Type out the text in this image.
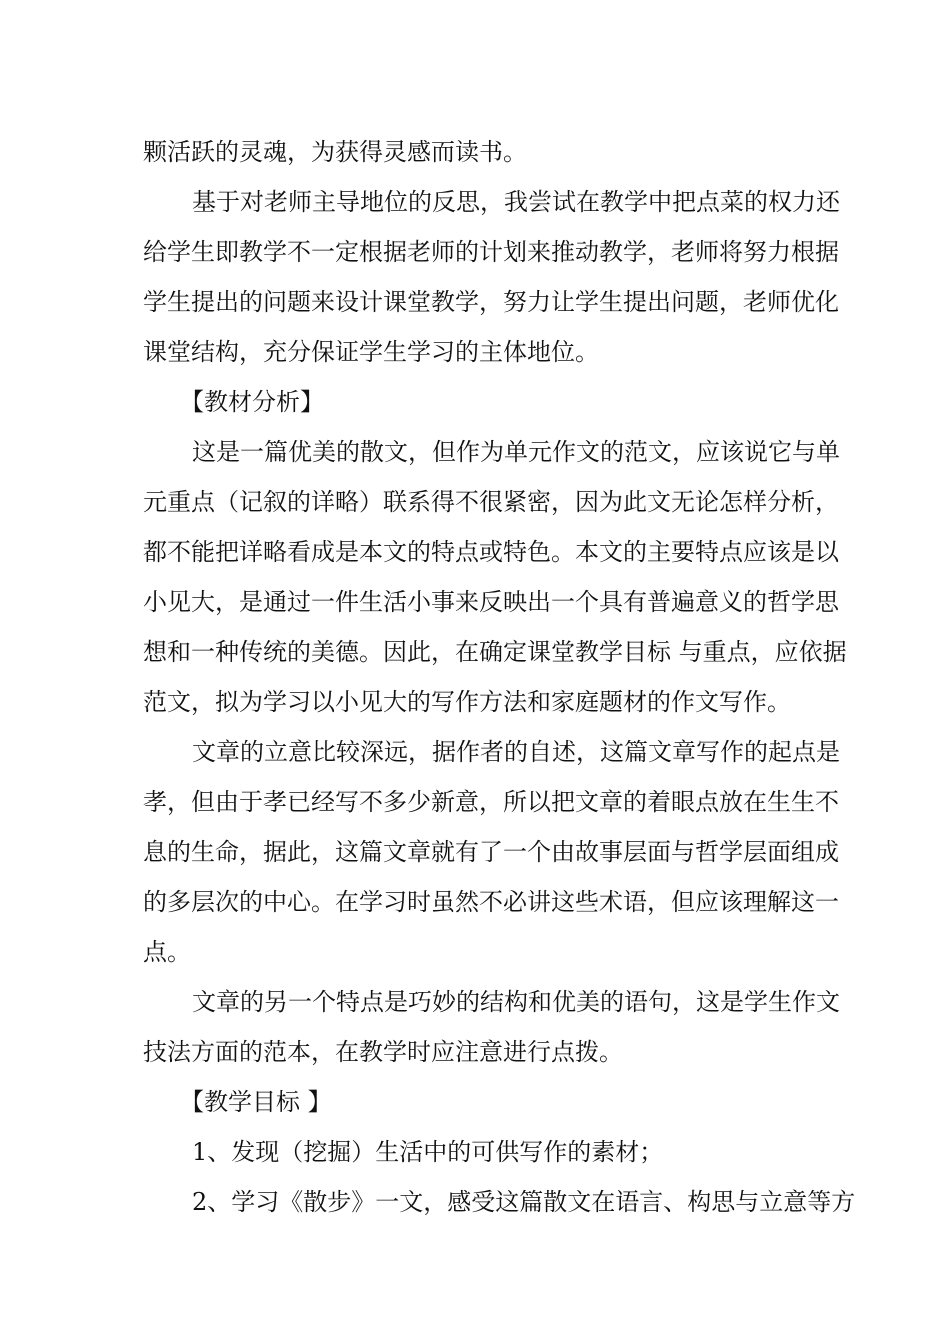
颗活跃的灵魂，为获得灵感而读书。
基于对老师主导地位的反思，我尝试在教学中把点菜的权力还
给学生即教学不一定根据老师的计划来推动教学，老师将努力根据
学生提出的问题来设计课堂教学，努力让学生提出问题，老师优化
课堂结构，充分保证学生学习的主体地位。
【教材分析】
这是一篇优美的散文，但作为单元作文的范文，应该说它与单
元重点（记叙的详略）联系得不很紧密，因为此文无论怎样分析，
都不能把详略看成是本文的特点或特色。本文的主要特点应该是以
小见大，是通过一件生活小事来反映出一个具有普遍意义的哲学思
想和一种传统的美德。因此，在确定课堂教学目标 与重点，应依据
范文，拟为学习以小见大的写作方法和家庭题材的作文写作。
文章的立意比较深远，据作者的自述，这篇文章写作的起点是
孝，但由于孝已经写不多少新意，所以把文章的着眼点放在生生不
息的生命，据此，这篇文章就有了一个由故事层面与哲学层面组成
的多层次的中心。在学习时虽然不必讲这些术语，但应该理解这一
点。
文章的另一个特点是巧妙的结构和优美的语句，这是学生作文
技法方面的范本，在教学时应注意进行点拨。
【教学目标 】
1、发现（挖掘）生活中的可供写作的素材；
2、学习《散步》一文，感受这篇散文在语言、构思与立意等方
